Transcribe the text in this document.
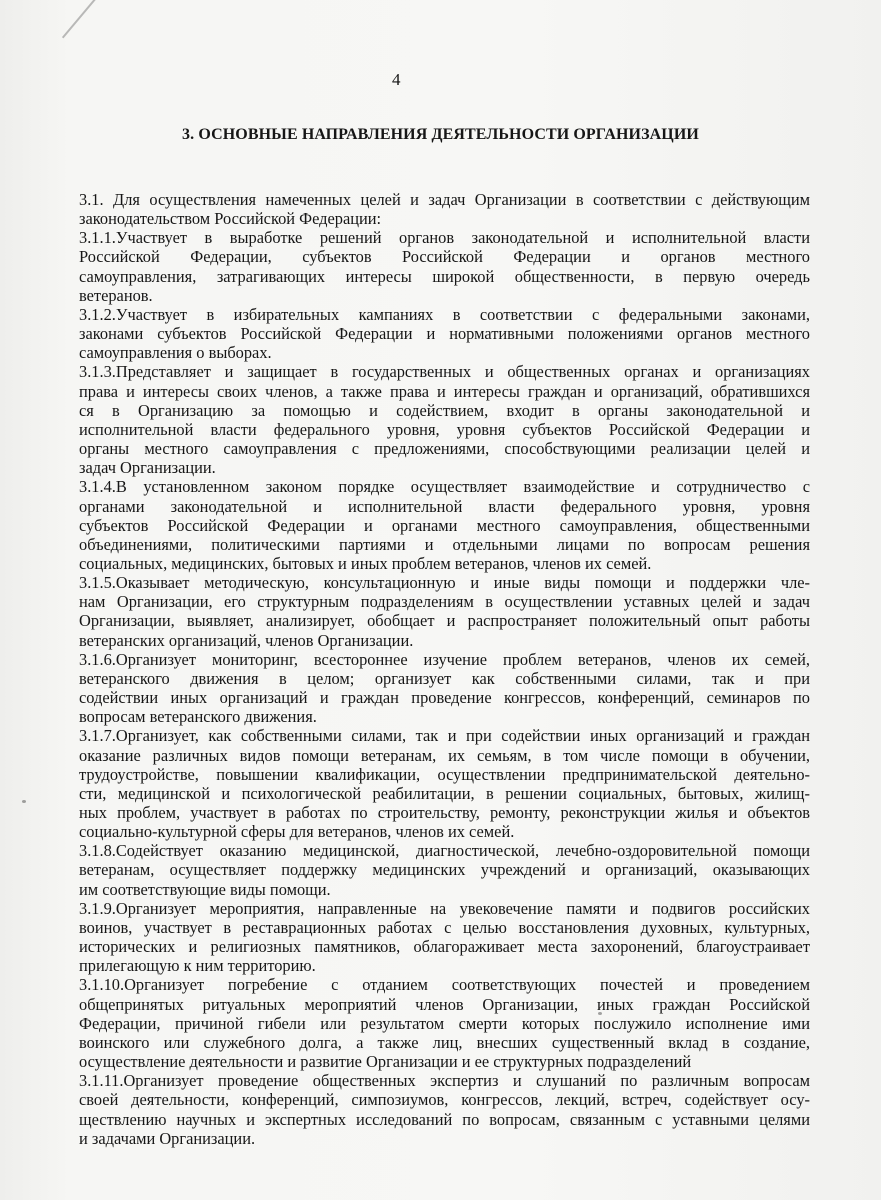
4
3. ОСНОВНЫЕ НАПРАВЛЕНИЯ ДЕЯТЕЛЬНОСТИ ОРГАНИЗАЦИИ

3.1. Для осуществления намеченных целей и задач Организации в соответствии с действующим
законодательством Российской Федерации:

3.1.1.Участвует в выработке решений органов законодательной и исполнительной власти
Российской Федерации, субъектов Российской Федерации и органов местного
самоуправления, затрагивающих интересы широкой общественности, в первую очередь
ветеранов.

3.1.2.Участвует в избирательных кампаниях в соответствии с федеральными законами,
законами субъектов Российской Федерации и нормативными положениями органов местного
самоуправления о выборах.

3.1.3.Представляет и защищает в государственных и общественных органах и организациях
права и интересы своих членов, а также права и интересы граждан и организаций, обратившихся
ся в Организацию за помощью и содействием, входит в органы законодательной и
исполнительной власти федерального уровня, уровня субъектов Российской Федерации и
органы местного самоуправления с предложениями, способствующими реализации целей и
задач Организации.

3.1.4.В установленном законом порядке осуществляет взаимодействие и сотрудничество с
органами законодательной и исполнительной власти федерального уровня, уровня
субъектов Российской Федерации и органами местного самоуправления, общественными
объединениями, политическими партиями и отдельными лицами по вопросам решения
социальных, медицинских, бытовых и иных проблем ветеранов, членов их семей.

3.1.5.Оказывает методическую, консультационную и иные виды помощи и поддержки чле-
нам Организации, его структурным подразделениям в осуществлении уставных целей и задач
Организации, выявляет, анализирует, обобщает и распространяет положительный опыт работы
ветеранских организаций, членов Организации.

3.1.6.Организует мониторинг, всестороннее изучение проблем ветеранов, членов их семей,
ветеранского движения в целом; организует как собственными силами, так и при
содействии иных организаций и граждан проведение конгрессов, конференций, семинаров по
вопросам ветеранского движения.

3.1.7.Организует, как собственными силами, так и при содействии иных организаций и граждан
оказание различных видов помощи ветеранам, их семьям, в том числе помощи в обучении,
трудоустройстве, повышении квалификации, осуществлении предпринимательской деятельно-
сти, медицинской и психологической реабилитации, в решении социальных, бытовых, жилищ-
ных проблем, участвует в работах по строительству, ремонту, реконструкции жилья и объектов
социально-культурной сферы для ветеранов, членов их семей.

3.1.8.Содействует оказанию медицинской, диагностической, лечебно-оздоровительной помощи
ветеранам, осуществляет поддержку медицинских учреждений и организаций, оказывающих
им соответствующие виды помощи.

3.1.9.Организует мероприятия, направленные на увековечение памяти и подвигов российских
воинов, участвует в реставрационных работах с целью восстановления духовных, культурных,
исторических и религиозных памятников, облагораживает места захоронений, благоустраивает
прилегающую к ним территорию.

3.1.10.Организует погребение с отданием соответствующих почестей и проведением
общепринятых ритуальных мероприятий членов Организации, иных граждан Российской
Федерации, причиной гибели или результатом смерти которых послужило исполнение ими
воинского или служебного долга, а также лиц, внесших существенный вклад в создание,
осуществление деятельности и развитие Организации и ее структурных подразделений

3.1.11.Организует проведение общественных экспертиз и слушаний по различным вопросам
своей деятельности, конференций, симпозиумов, конгрессов, лекций, встреч, содействует осу-
ществлению научных и экспертных исследований по вопросам, связанным с уставными целями
и задачами Организации.
